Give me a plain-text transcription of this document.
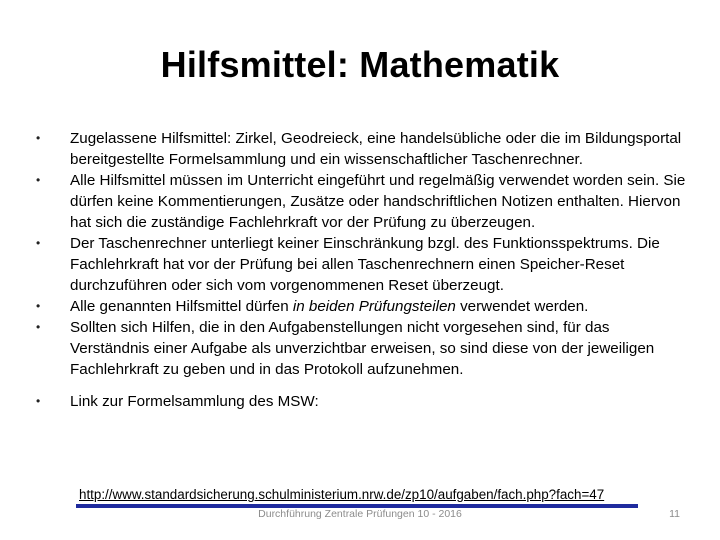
Hilfsmittel: Mathematik
•	Zugelassene Hilfsmittel: Zirkel, Geodreieck, eine handelsübliche oder die im Bildungsportal bereitgestellte Formelsammlung und ein wissenschaftlicher Taschenrechner.
•	Alle Hilfsmittel müssen im Unterricht eingeführt und regelmäßig verwendet worden sein. Sie dürfen keine Kommentierungen, Zusätze oder handschriftlichen Notizen enthalten. Hiervon hat sich die zuständige Fachlehrkraft vor der Prüfung zu überzeugen.
•	Der Taschenrechner unterliegt keiner Einschränkung bzgl. des Funktionsspektrums. Die Fachlehrkraft hat vor der Prüfung bei allen Taschenrechnern einen Speicher-Reset durchzuführen oder sich vom vorgenommenen Reset überzeugt.
•	Alle genannten Hilfsmittel dürfen in beiden Prüfungsteilen verwendet werden.
•	Sollten sich Hilfen, die in den Aufgabenstellungen nicht vorgesehen sind, für das Verständnis einer Aufgabe als unverzichtbar erweisen, so sind diese von der jeweiligen Fachlehrkraft zu geben und in das Protokoll aufzunehmen.
•	Link zur Formelsammlung des MSW:
http://www.standardsicherung.schulministerium.nrw.de/zp10/aufgaben/fach.php?fach=47
Durchführung Zentrale Prüfungen 10 - 2016	11
